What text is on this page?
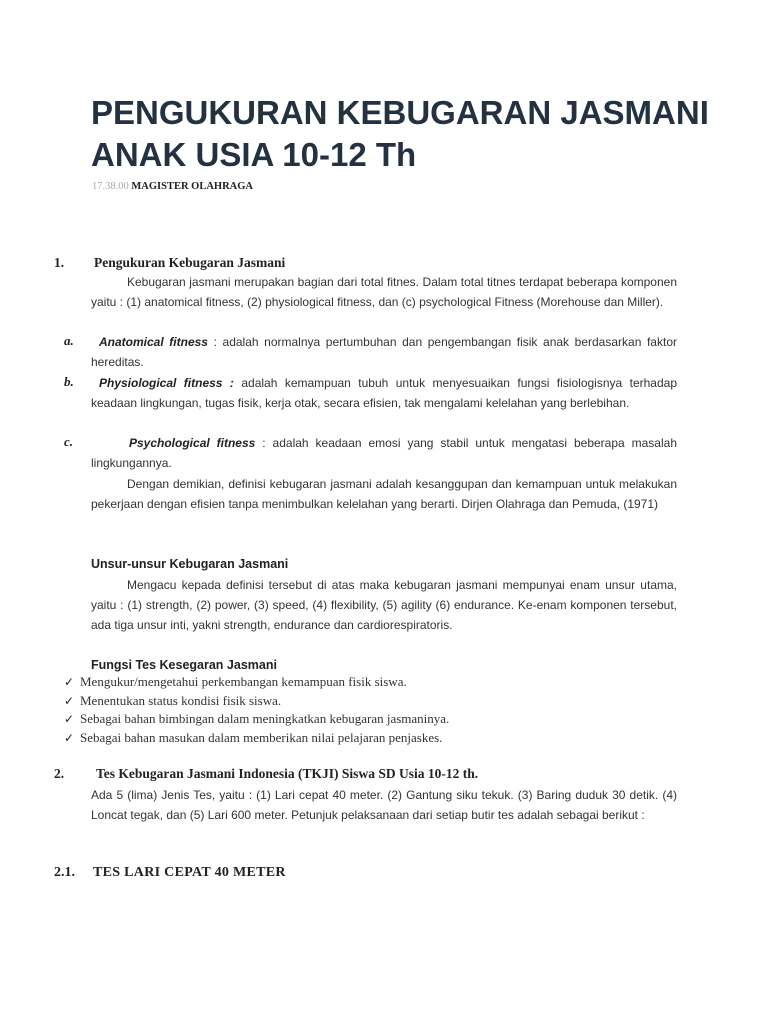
PENGUKURAN KEBUGARAN JASMANI ANAK USIA 10-12 Th
17.38.00 MAGISTER OLAHRAGA
1. Pengukuran Kebugaran Jasmani

Kebugaran jasmani merupakan bagian dari total fitnes. Dalam total titnes terdapat beberapa komponen yaitu : (1) anatomical fitness, (2) physiological fitness, dan (c) psychological Fitness (Morehouse dan Miller).

a.	Anatomical fitness : adalah normalnya pertumbuhan dan pengembangan fisik anak berdasarkan faktor hereditas.

b.	Physiological fitness : adalah kemampuan tubuh untuk menyesuaikan fungsi fisiologisnya terhadap keadaan lingkungan, tugas fisik, kerja otak, secara efisien, tak mengalami kelelahan yang berlebihan.

c.	Psychological fitness : adalah keadaan emosi yang stabil untuk mengatasi beberapa masalah lingkungannya.

Dengan demikian, definisi kebugaran jasmani adalah kesanggupan dan kemampuan untuk melakukan pekerjaan dengan efisien tanpa menimbulkan kelelahan yang berarti. Dirjen Olahraga dan Pemuda, (1971)

Unsur-unsur Kebugaran Jasmani

Mengacu kepada definisi tersebut di atas maka kebugaran jasmani mempunyai enam unsur utama, yaitu : (1) strength, (2) power, (3) speed, (4) flexibility, (5) agility (6) endurance. Ke-enam komponen tersebut, ada tiga unsur inti, yakni strength, endurance dan cardiorespiratoris.

Fungsi Tes Kesegaran Jasmani
✓ Mengukur/mengetahui perkembangan kemampuan fisik siswa.
✓ Menentukan status kondisi fisik siswa.
✓ Sebagai bahan bimbingan dalam meningkatkan kebugaran jasmaninya.
✓ Sebagai bahan masukan dalam memberikan nilai pelajaran penjaskes.
2. Tes Kebugaran Jasmani Indonesia (TKJI) Siswa SD Usia 10-12 th.

Ada 5 (lima) Jenis Tes, yaitu : (1) Lari cepat 40 meter. (2) Gantung siku tekuk. (3) Baring duduk 30 detik. (4) Loncat tegak, dan (5) Lari 600 meter. Petunjuk pelaksanaan dari setiap butir tes adalah sebagai berikut :

2.1. TES LARI CEPAT 40 METER
